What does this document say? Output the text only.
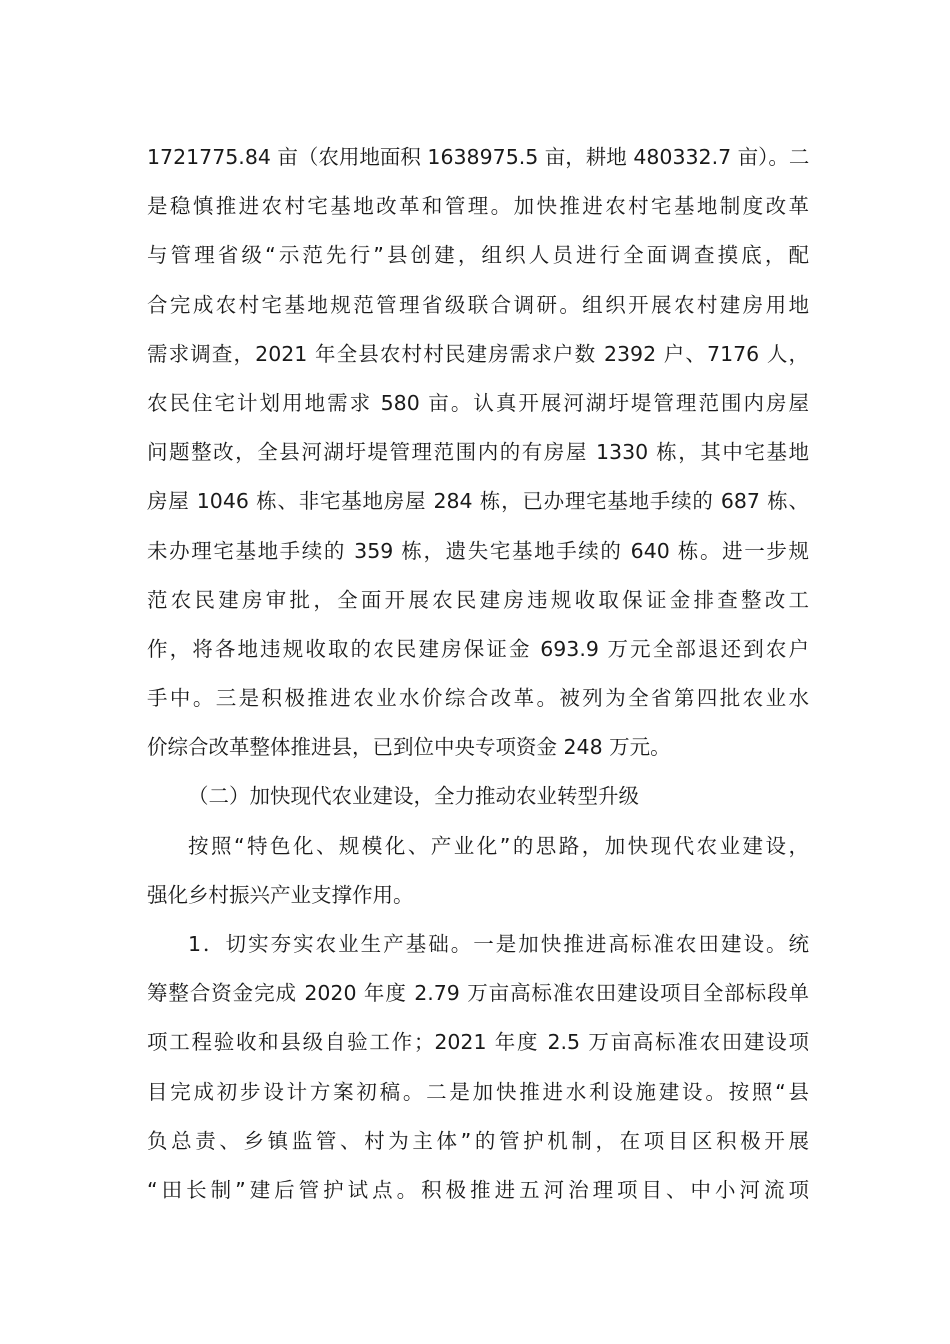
1721775.84 亩（农用地面积 1638975.5 亩，耕地 480332.7 亩）。二
是稳慎推进农村宅基地改革和管理。加快推进农村宅基地制度改革
与管理省级“示范先行”县创建，组织人员进行全面调查摸底，配
合完成农村宅基地规范管理省级联合调研。组织开展农村建房用地
需求调查，2021 年全县农村村民建房需求户数 2392 户、7176 人，
农民住宅计划用地需求 580 亩。认真开展河湖圩堤管理范围内房屋
问题整改，全县河湖圩堤管理范围内的有房屋 1330 栋，其中宅基地
房屋 1046 栋、非宅基地房屋 284 栋，已办理宅基地手续的 687 栋、
未办理宅基地手续的 359 栋，遗失宅基地手续的 640 栋。进一步规
范农民建房审批，全面开展农民建房违规收取保证金排查整改工
作，将各地违规收取的农民建房保证金 693.9 万元全部退还到农户
手中。三是积极推进农业水价综合改革。被列为全省第四批农业水
价综合改革整体推进县，已到位中央专项资金 248 万元。
（二）加快现代农业建设，全力推动农业转型升级
按照“特色化、规模化、产业化”的思路，加快现代农业建设，
强化乡村振兴产业支撑作用。
1．切实夯实农业生产基础。一是加快推进高标准农田建设。统
筹整合资金完成 2020 年度 2.79 万亩高标准农田建设项目全部标段单
项工程验收和县级自验工作；2021 年度 2.5 万亩高标准农田建设项
目完成初步设计方案初稿。二是加快推进水利设施建设。按照“县
负总责、乡镇监管、村为主体”的管护机制，在项目区积极开展
“田长制”建后管护试点。积极推进五河治理项目、中小河流项
